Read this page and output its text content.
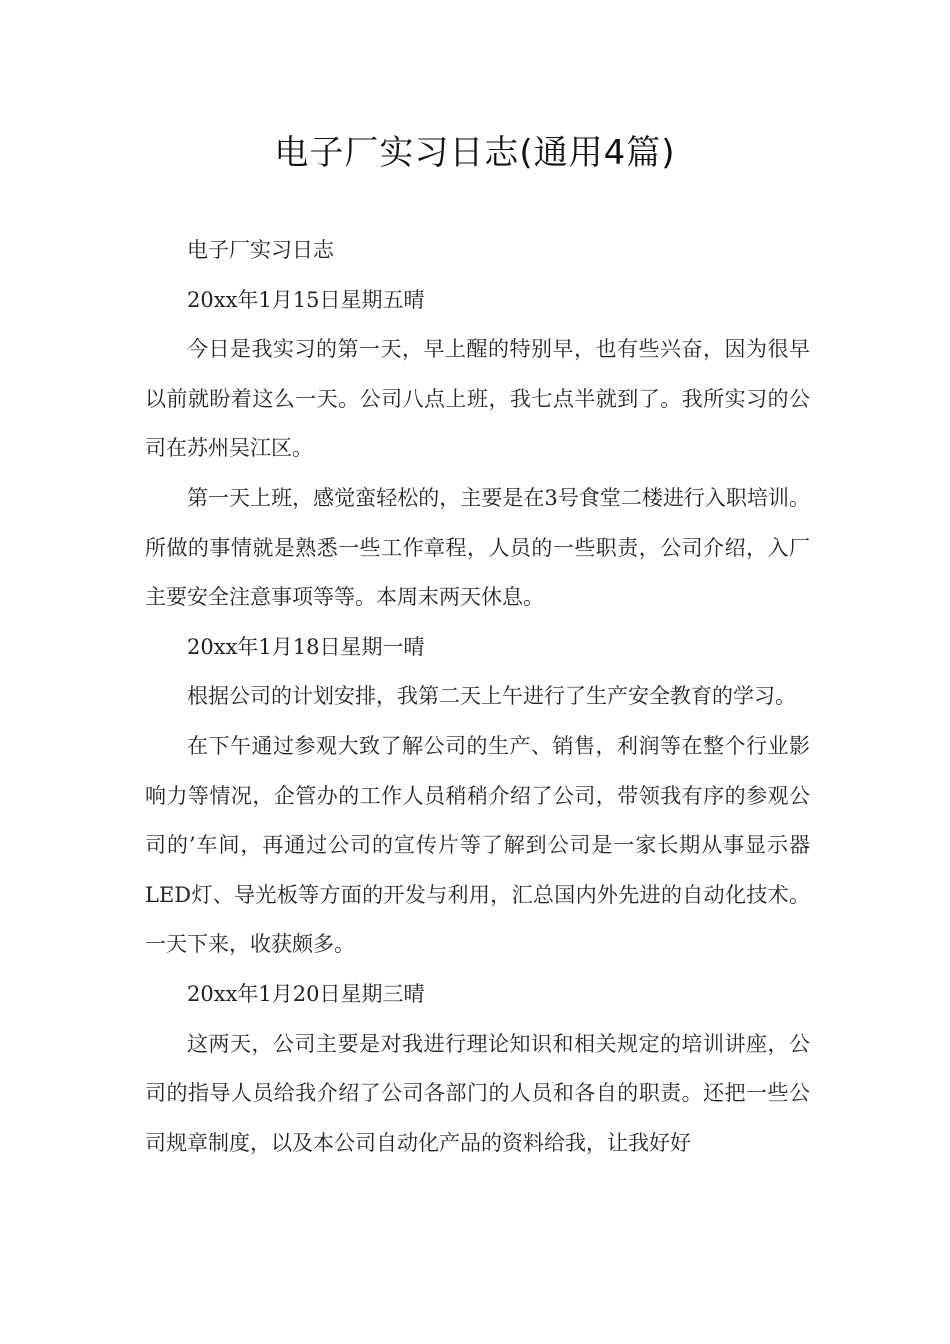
电子厂实习日志(通用4篇)

电子厂实习日志

20xx年1月15日星期五晴

今日是我实习的第一天，早上醒的特别早，也有些兴奋，因为很早以前就盼着这么一天。公司八点上班，我七点半就到了。我所实习的公司在苏州吴江区。

第一天上班，感觉蛮轻松的，主要是在3号食堂二楼进行入职培训。所做的事情就是熟悉一些工作章程，人员的一些职责，公司介绍，入厂主要安全注意事项等等。本周末两天休息。

20xx年1月18日星期一晴

根据公司的计划安排，我第二天上午进行了生产安全教育的学习。

在下午通过参观大致了解公司的生产、销售，利润等在整个行业影响力等情况，企管办的工作人员稍稍介绍了公司，带领我有序的参观公司的’车间，再通过公司的宣传片等了解到公司是一家长期从事显示器LED灯、导光板等方面的开发与利用，汇总国内外先进的自动化技术。一天下来，收获颇多。

20xx年1月20日星期三晴

这两天，公司主要是对我进行理论知识和相关规定的培训讲座，公司的指导人员给我介绍了公司各部门的人员和各自的职责。还把一些公司规章制度，以及本公司自动化产品的资料给我，让我好好
